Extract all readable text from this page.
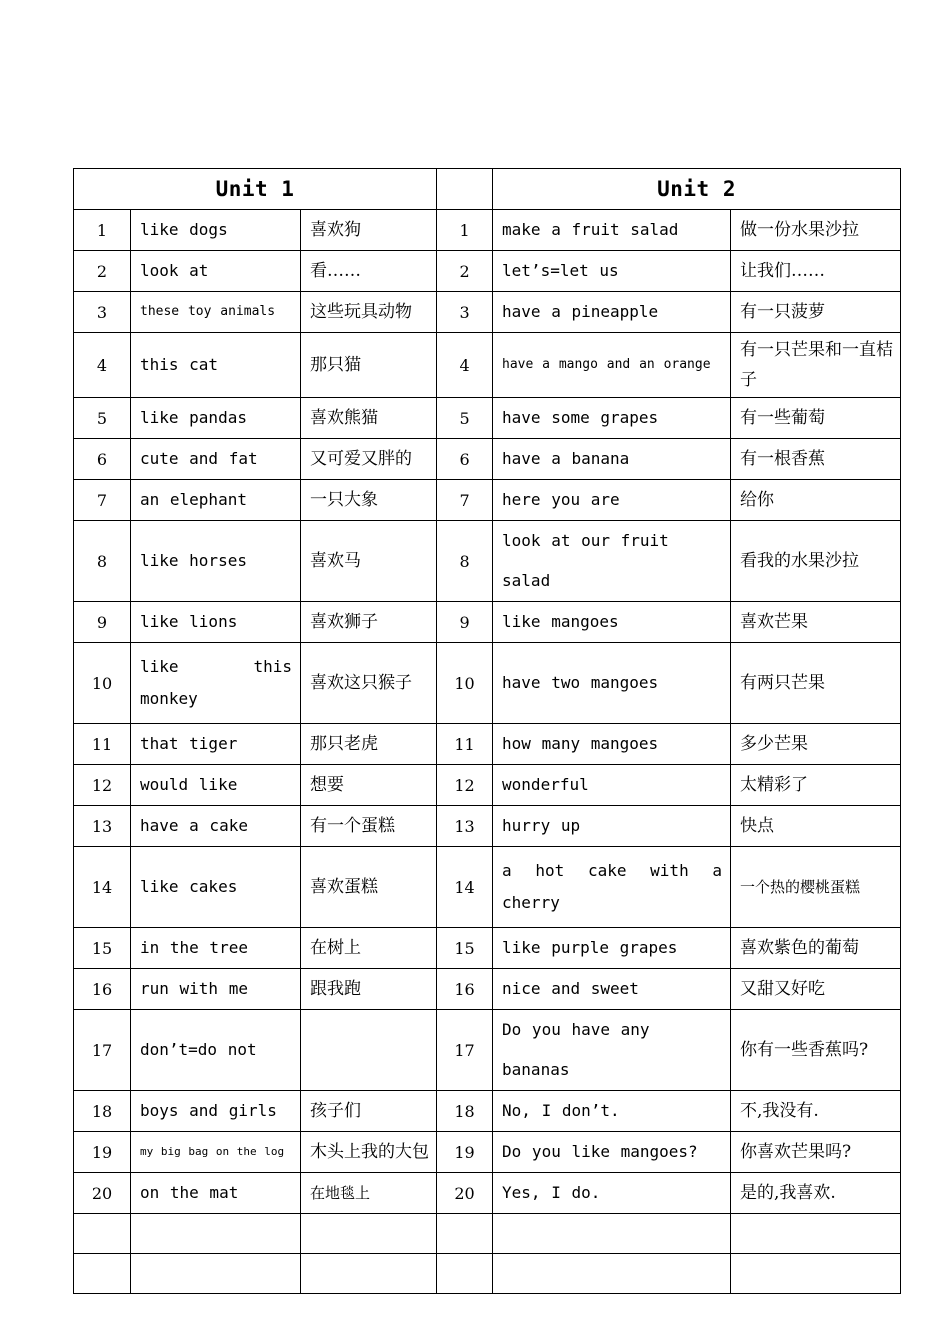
Unit 1				Unit 2	
1	like dogs	喜欢狗	1	make a fruit salad	做一份水果沙拉
2	look at	看……	2	let’s=let us	让我们……
3	these toy animals	这些玩具动物	3	have a pineapple	有一只菠萝
4	this cat	那只猫	4	have a mango and an orange	有一只芒果和一直桔子
5	like pandas	喜欢熊猫	5	have some grapes	有一些葡萄
6	cute and fat	又可爱又胖的	6	have a banana	有一根香蕉
7	an elephant	一只大象	7	here you are	给你
8	like horses	喜欢马	8	look at our fruit salad	看我的水果沙拉
9	like lions	喜欢狮子	9	like mangoes	喜欢芒果
10	like this monkey	喜欢这只猴子	10	have two mangoes	有两只芒果
11	that tiger	那只老虎	11	how many mangoes	多少芒果
12	would like	想要	12	wonderful	太精彩了
13	have a cake	有一个蛋糕	13	hurry up	快点
14	like cakes	喜欢蛋糕	14	a hot cake with a cherry	一个热的樱桃蛋糕
15	in the tree	在树上	15	like purple grapes	喜欢紫色的葡萄
16	run with me	跟我跑	16	nice and sweet	又甜又好吃
17	don’t=do not		17	Do you have any bananas	你有一些香蕉吗?
18	boys and girls	孩子们	18	No, I don’t.	不,我没有.
19	my big bag on the log	木头上我的大包	19	Do you like mangoes?	你喜欢芒果吗?
20	on the mat	在地毯上	20	Yes, I do.	是的,我喜欢.
